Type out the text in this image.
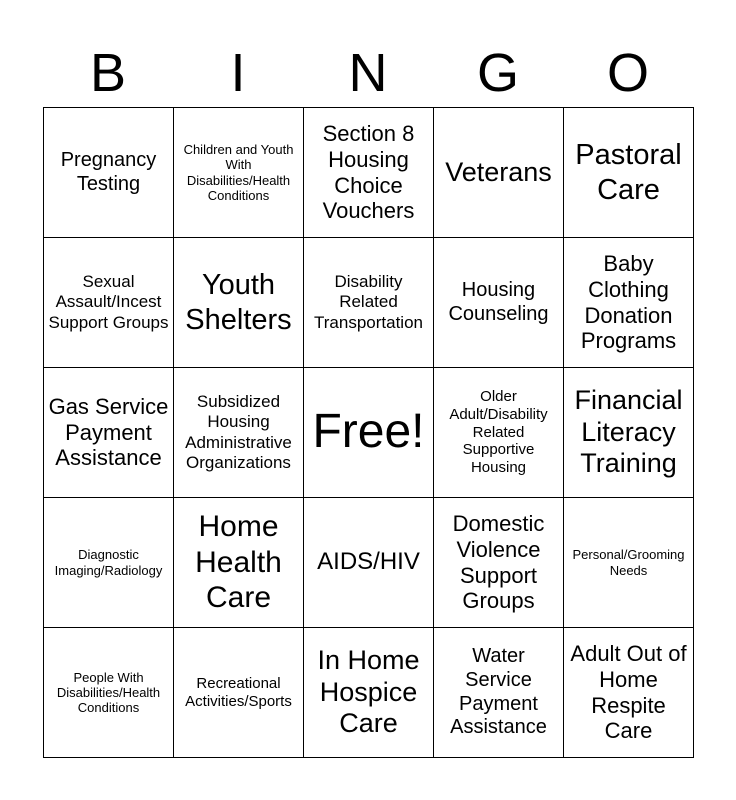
B	I	N	G	O
Pregnancy Testing	Children and Youth With Disabilities/Health Conditions	Section 8 Housing Choice Vouchers	Veterans	Pastoral Care
Sexual Assault/Incest Support Groups	Youth Shelters	Disability Related Transportation	Housing Counseling	Baby Clothing Donation Programs
Gas Service Payment Assistance	Subsidized Housing Administrative Organizations	Free!	Older Adult/Disability Related Supportive Housing	Financial Literacy Training
Diagnostic Imaging/Radiology	Home Health Care	AIDS/HIV	Domestic Violence Support Groups	Personal/Grooming Needs
People With Disabilities/Health Conditions	Recreational Activities/Sports	In Home Hospice Care	Water Service Payment Assistance	Adult Out of Home Respite Care
